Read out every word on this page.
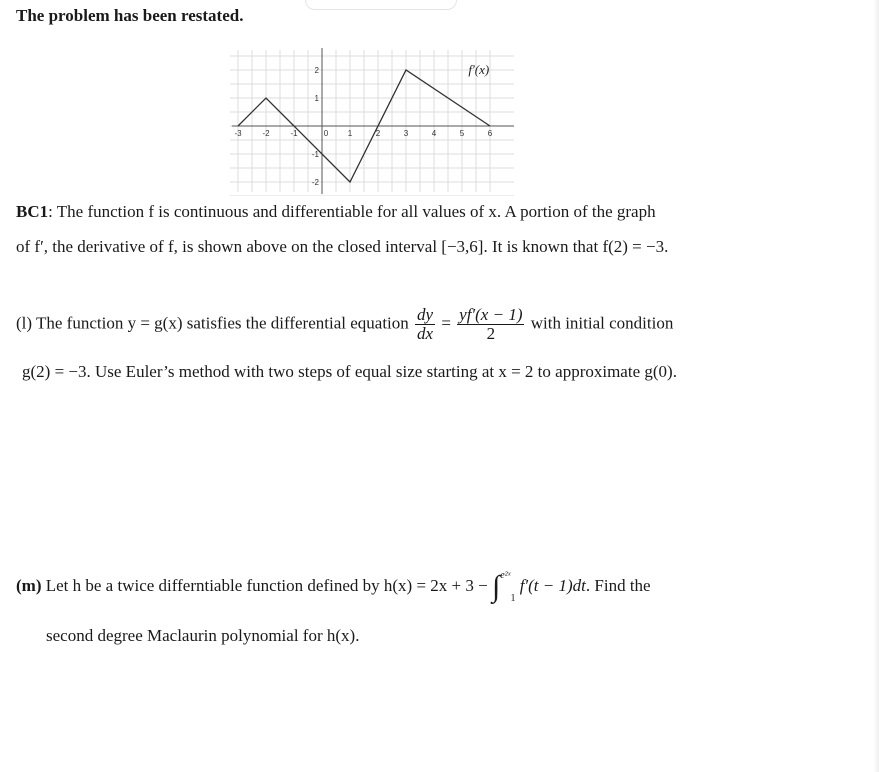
The problem has been restated.
-3	-2	-1	0 1	2	3	4	5	6
2
1
-1
-2
f′(x)
BC1: The function f is continuous and differentiable for all values of x. A portion of the graph
of f′, the derivative of f, is shown above on the closed interval [−3,6]. It is known that f(2) = −3.
(l) The function y = g(x) satisfies the differential equation $\frac{dy}{dx} = \frac{yf'(x - 1)}{2}$ with initial condition
g(2) = −3. Use Euler’s method with two steps of equal size starting at x = 2 to approximate g(0).
(m) Let h be a twice differntiable function defined by h(x) = 2x + 3 − ∫$^{e^2ˣ}$1 f′(t − 1)dt. Find the
second degree Maclaurin polynomial for h(x).
